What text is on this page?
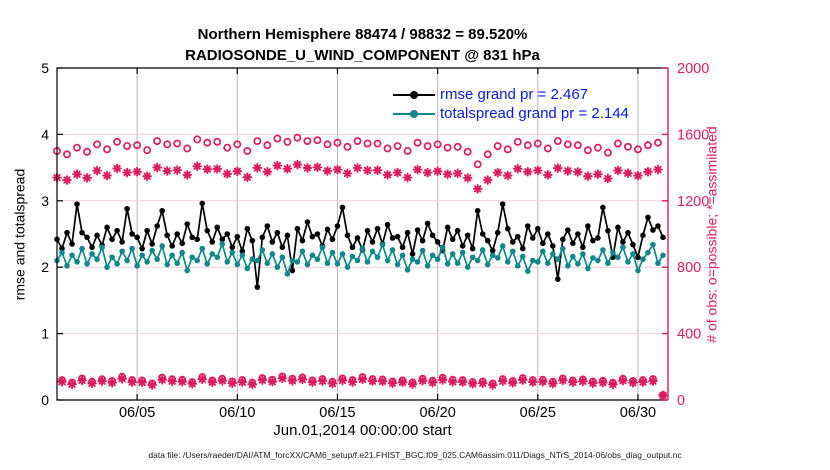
06/05	06/10	06/15	06/20	06/25	06/30
0
1
2
3
4
5
0
400
800
1200
1600
2000
Northern Hemisphere 88474 / 98832 = 89.520%
RADIOSONDE_U_WIND_COMPONENT @ 831 hPa
rmse grand pr = 2.467
totalspread grand pr = 2.144
rmse and totalspread	# of obs: o=possible; *=assimilated
Jun.01,2014 00:00:00 start
data file: /Users/raeder/DAI/ATM_forcXX/CAM6_setup/f.e21.FHIST_BGC.f09_025.CAM6assim.011/Diags_NTrS_2014-06/obs_diag_output.nc
